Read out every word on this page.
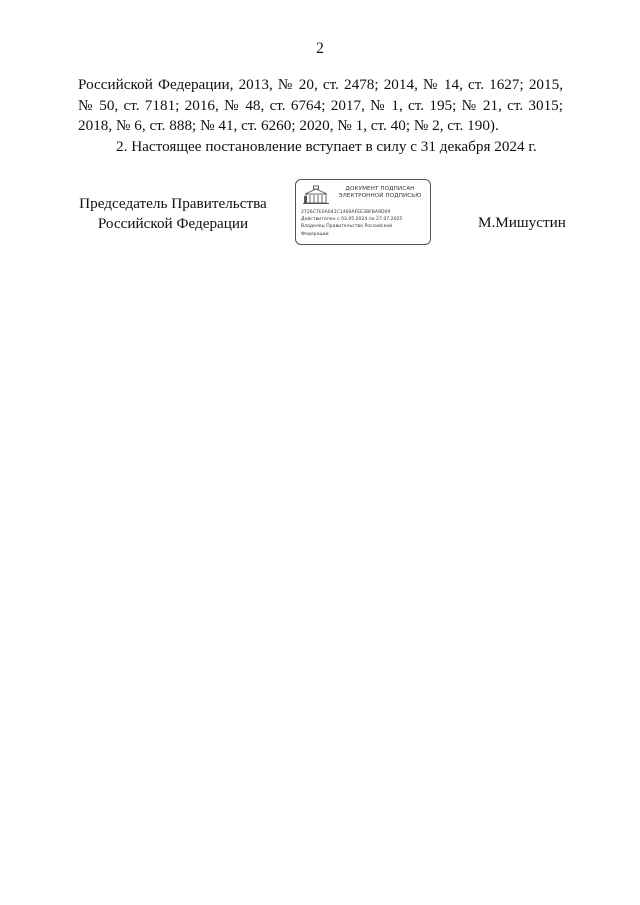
2

Российской Федерации, 2013, № 20, ст. 2478; 2014, № 14, ст. 1627; 2015,
№ 50, ст. 7181; 2016, № 48, ст. 6764; 2017, № 1, ст. 195; № 21, ст. 3015;
2018, № 6, ст. 888; № 41, ст. 6260; 2020, № 1, ст. 40; № 2, ст. 190).

2. Настоящее постановление вступает в силу с 31 декабря 2024 г.

Председатель Правительства
Российской Федерации
ДОКУМЕНТ ПОДПИСАН
ЭЛЕКТРОННОЙ ПОДПИСЬЮ
2726C7E0A041C1469AFEE3BFBA9D09
Действителен с 03.05.2024 по 27.07.2025
Владелец Правительство Российской
Федерации
М.Мишустин
